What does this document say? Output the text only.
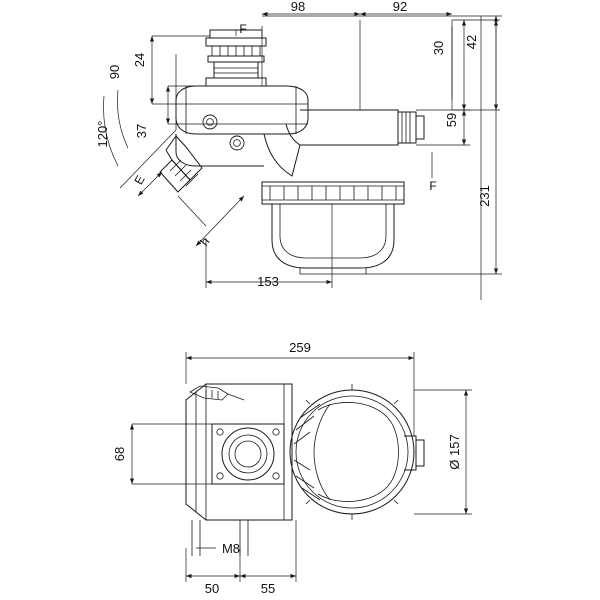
98	92
30 42
24
90
120° 37
59
231
153
E
h
F
F
259
Ø 157
68
M8
50	55
